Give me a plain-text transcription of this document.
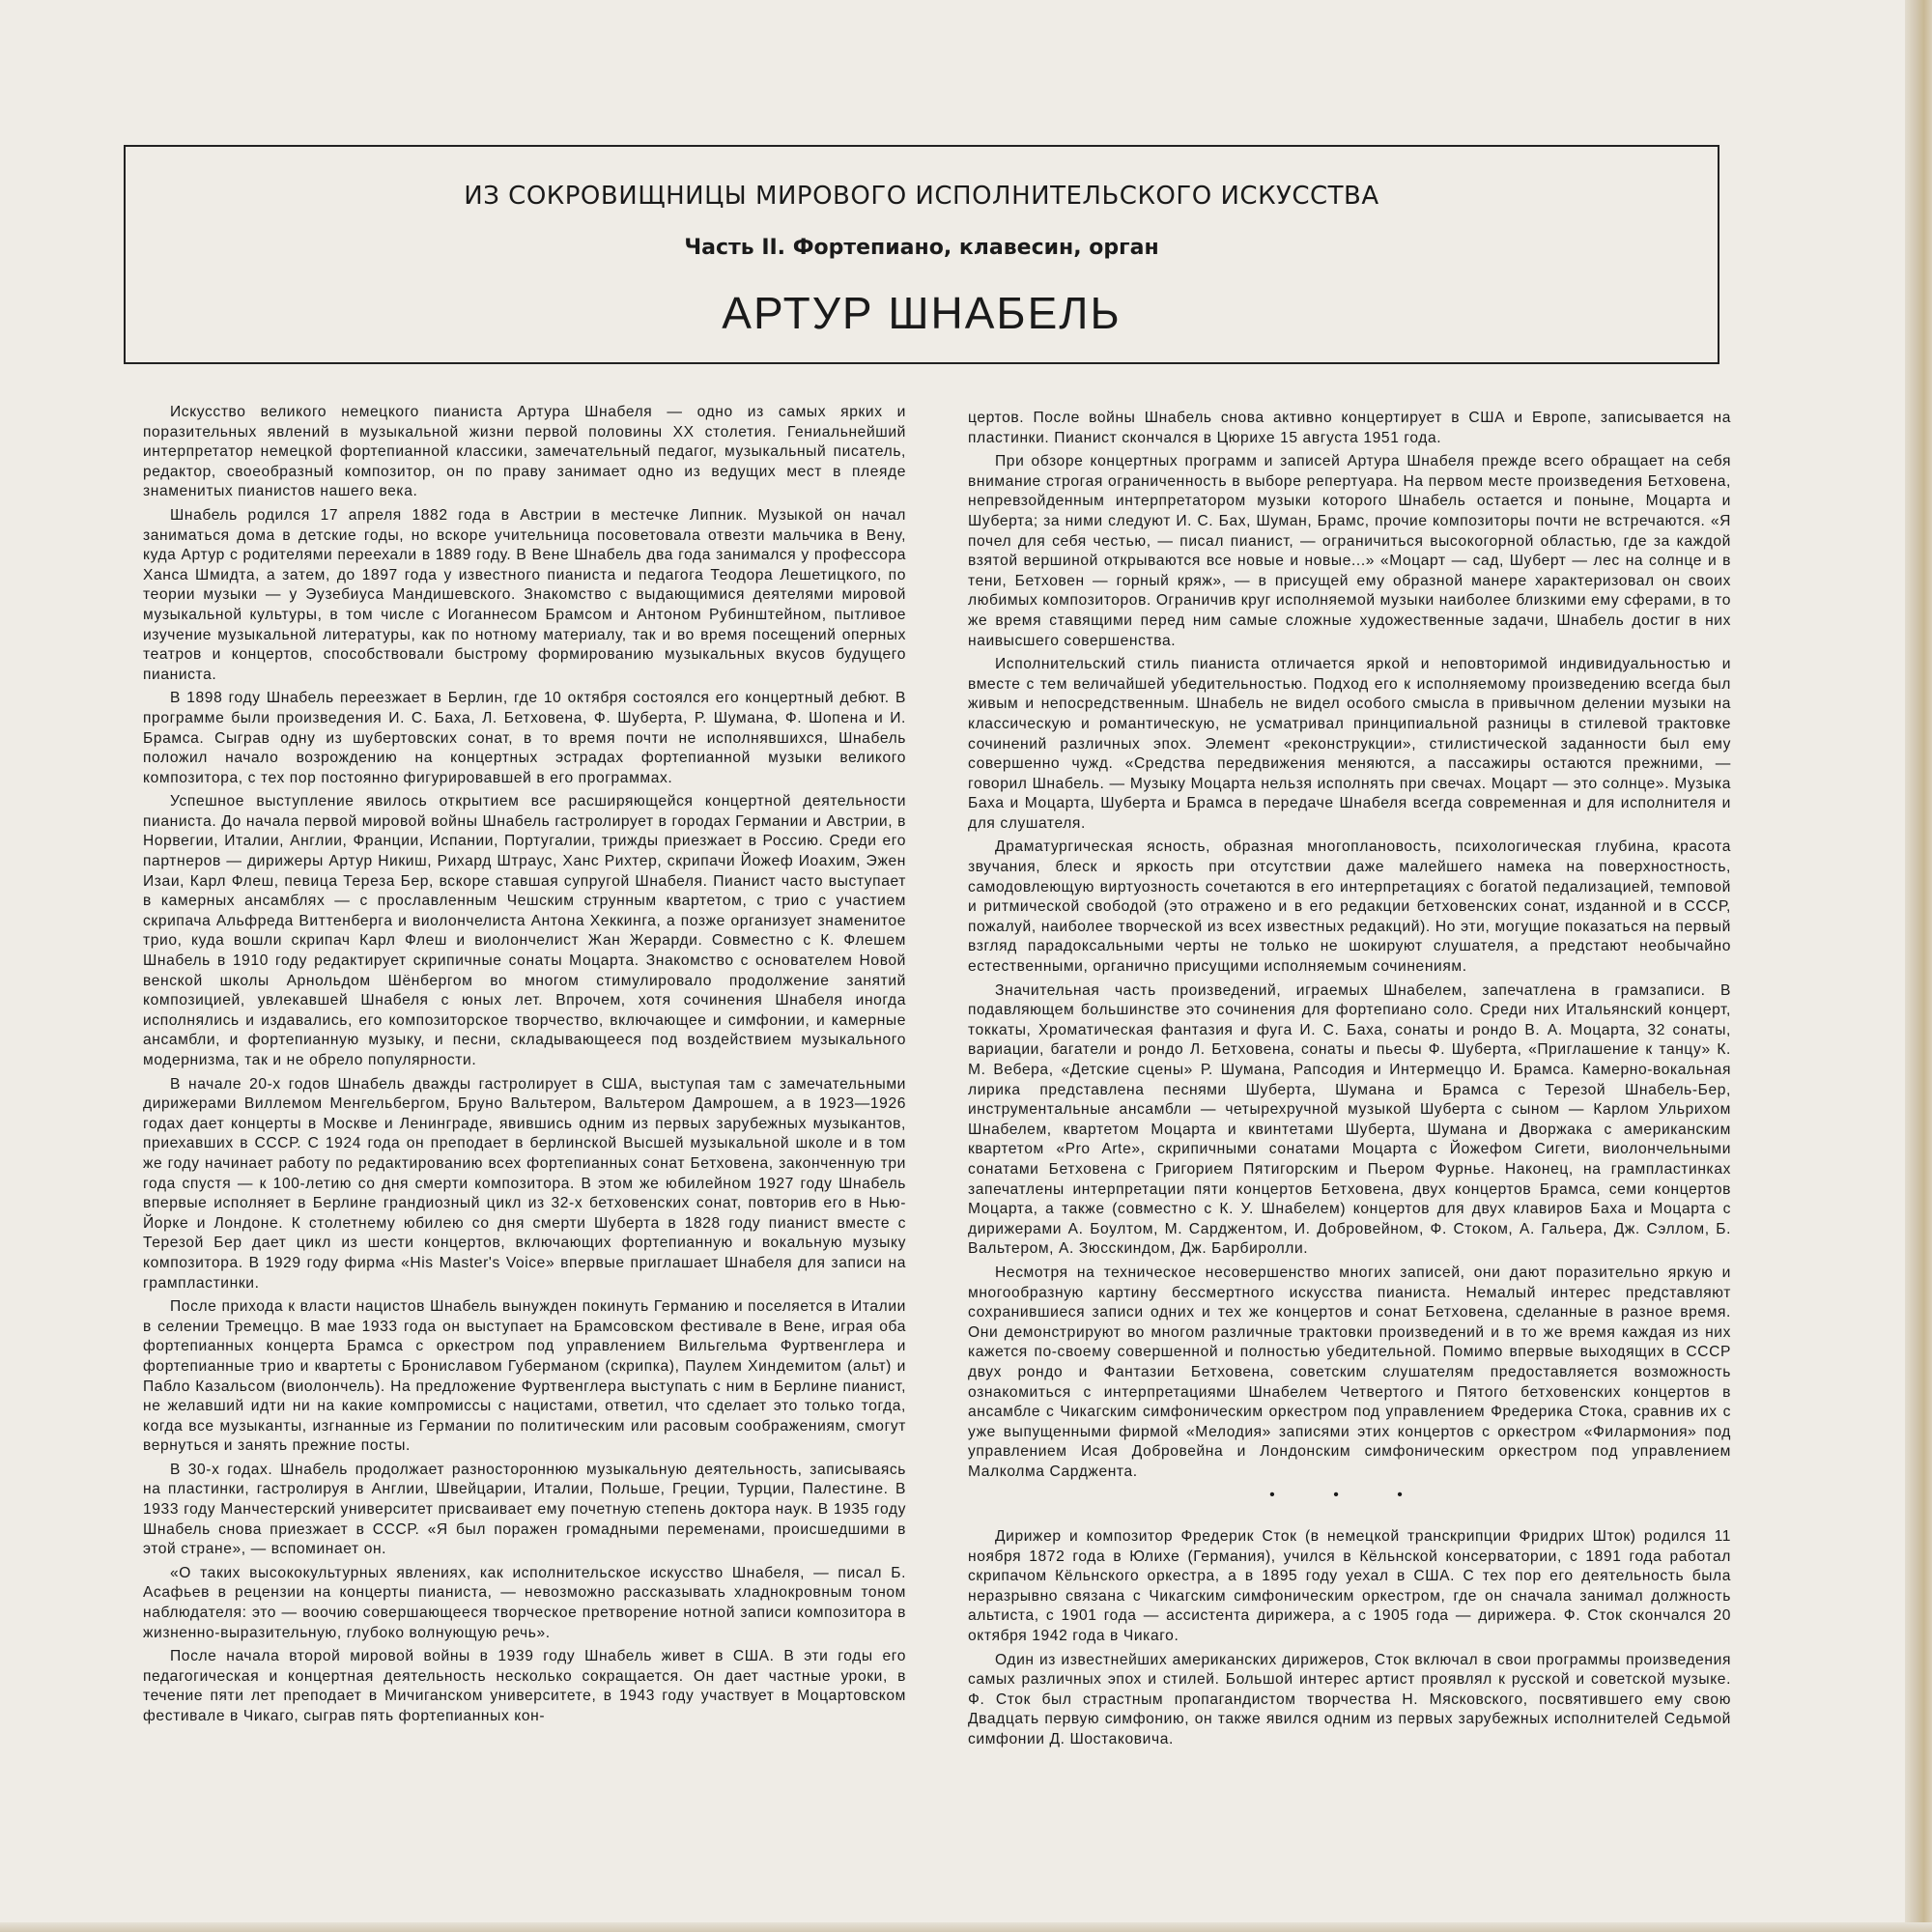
ИЗ СОКРОВИЩНИЦЫ МИРОВОГО ИСПОЛНИТЕЛЬСКОГО ИСКУССТВА
Часть II. Фортепиано, клавесин, орган
АРТУР ШНАБЕЛЬ

Искусство великого немецкого пианиста Артура Шнабеля — одно из самых ярких и поразительных явлений в музыкальной жизни первой половины XX столетия. Гениальнейший интерпретатор немецкой фортепианной классики, замечательный педагог, музыкальный писатель, редактор, своеобразный композитор, он по праву занимает одно из ведущих мест в плеяде знаменитых пианистов нашего века.

Шнабель родился 17 апреля 1882 года в Австрии в местечке Липник. Музыкой он начал заниматься дома в детские годы, но вскоре учительница посоветовала отвезти мальчика в Вену, куда Артур с родителями переехали в 1889 году. В Вене Шнабель два года занимался у профессора Ханса Шмидта, а затем, до 1897 года у известного пианиста и педагога Теодора Лешетицкого, по теории музыки — у Эузебиуса Мандишевского. Знакомство с выдающимися деятелями мировой музыкальной культуры, в том числе с Иоганнесом Брамсом и Антоном Рубинштейном, пытливое изучение музыкальной литературы, как по нотному материалу, так и во время посещений оперных театров и концертов, способствовали быстрому формированию музыкальных вкусов будущего пианиста.

В 1898 году Шнабель переезжает в Берлин, где 10 октября состоялся его концертный дебют. В программе были произведения И. С. Баха, Л. Бетховена, Ф. Шуберта, Р. Шумана, Ф. Шопена и И. Брамса. Сыграв одну из шубертовских сонат, в то время почти не исполнявшихся, Шнабель положил начало возрождению на концертных эстрадах фортепианной музыки великого композитора, с тех пор постоянно фигурировавшей в его программах.

Успешное выступление явилось открытием все расширяющейся концертной деятельности пианиста. До начала первой мировой войны Шнабель гастролирует в городах Германии и Австрии, в Норвегии, Италии, Англии, Франции, Испании, Португалии, трижды приезжает в Россию. Среди его партнеров — дирижеры Артур Никиш, Рихард Штраус, Ханс Рихтер, скрипачи Йожеф Иоахим, Эжен Изаи, Карл Флеш, певица Тереза Бер, вскоре ставшая супругой Шнабеля. Пианист часто выступает в камерных ансамблях — с прославленным Чешским струнным квартетом, с трио с участием скрипача Альфреда Виттенберга и виолончелиста Антона Хеккинга, а позже организует знаменитое трио, куда вошли скрипач Карл Флеш и виолончелист Жан Жерарди. Совместно с К. Флешем Шнабель в 1910 году редактирует скрипичные сонаты Моцарта. Знакомство с основателем Новой венской школы Арнольдом Шёнбергом во многом стимулировало продолжение занятий композицией, увлекавшей Шнабеля с юных лет. Впрочем, хотя сочинения Шнабеля иногда исполнялись и издавались, его композиторское творчество, включающее и симфонии, и камерные ансамбли, и фортепианную музыку, и песни, складывающееся под воздействием музыкального модернизма, так и не обрело популярности.

В начале 20-х годов Шнабель дважды гастролирует в США, выступая там с замечательными дирижерами Виллемом Менгельбергом, Бруно Вальтером, Вальтером Дамрошем, а в 1923—1926 годах дает концерты в Москве и Ленинграде, явившись одним из первых зарубежных музыкантов, приехавших в СССР. С 1924 года он преподает в берлинской Высшей музыкальной школе и в том же году начинает работу по редактированию всех фортепианных сонат Бетховена, законченную три года спустя — к 100-летию со дня смерти композитора. В этом же юбилейном 1927 году Шнабель впервые исполняет в Берлине грандиозный цикл из 32-х бетховенских сонат, повторив его в Нью-Йорке и Лондоне. К столетнему юбилею со дня смерти Шуберта в 1828 году пианист вместе с Терезой Бер дает цикл из шести концертов, включающих фортепианную и вокальную музыку композитора. В 1929 году фирма «His Master's Voice» впервые приглашает Шнабеля для записи на грампластинки.

После прихода к власти нацистов Шнабель вынужден покинуть Германию и поселяется в Италии в селении Тремеццо. В мае 1933 года он выступает на Брамсовском фестивале в Вене, играя оба фортепианных концерта Брамса с оркестром под управлением Вильгельма Фуртвенглера и фортепианные трио и квартеты с Брониславом Губерманом (скрипка), Паулем Хиндемитом (альт) и Пабло Казальсом (виолончель). На предложение Фуртвенглера выступать с ним в Берлине пианист, не желавший идти ни на какие компромиссы с нацистами, ответил, что сделает это только тогда, когда все музыканты, изгнанные из Германии по политическим или расовым соображениям, смогут вернуться и занять прежние посты.

В 30-х годах. Шнабель продолжает разностороннюю музыкальную деятельность, записываясь на пластинки, гастролируя в Англии, Швейцарии, Италии, Польше, Греции, Турции, Палестине. В 1933 году Манчестерский университет присваивает ему почетную степень доктора наук. В 1935 году Шнабель снова приезжает в СССР. «Я был поражен громадными переменами, происшедшими в этой стране», — вспоминает он.

«О таких высококультурных явлениях, как исполнительское искусство Шнабеля, — писал Б. Асафьев в рецензии на концерты пианиста, — невозможно рассказывать хладнокровным тоном наблюдателя: это — воочию совершающееся творческое претворение нотной записи композитора в жизненно-выразительную, глубоко волнующую речь».

После начала второй мировой войны в 1939 году Шнабель живет в США. В эти годы его педагогическая и концертная деятельность несколько сокращается. Он дает частные уроки, в течение пяти лет преподает в Мичиганском университете, в 1943 году участвует в Моцартовском фестивале в Чикаго, сыграв пять фортепианных кон-

цертов. После войны Шнабель снова активно концертирует в США и Европе, записывается на пластинки. Пианист скончался в Цюрихе 15 августа 1951 года.

При обзоре концертных программ и записей Артура Шнабеля прежде всего обращает на себя внимание строгая ограниченность в выборе репертуара. На первом месте произведения Бетховена, непревзойденным интерпретатором музыки которого Шнабель остается и поныне, Моцарта и Шуберта; за ними следуют И. С. Бах, Шуман, Брамс, прочие композиторы почти не встречаются. «Я почел для себя честью, — писал пианист, — ограничиться высокогорной областью, где за каждой взятой вершиной открываются все новые и новые...» «Моцарт — сад, Шуберт — лес на солнце и в тени, Бетховен — горный кряж», — в присущей ему образной манере характеризовал он своих любимых композиторов. Ограничив круг исполняемой музыки наиболее близкими ему сферами, в то же время ставящими перед ним самые сложные художественные задачи, Шнабель достиг в них наивысшего совершенства.

Исполнительский стиль пианиста отличается яркой и неповторимой индивидуальностью и вместе с тем величайшей убедительностью. Подход его к исполняемому произведению всегда был живым и непосредственным. Шнабель не видел особого смысла в привычном делении музыки на классическую и романтическую, не усматривал принципиальной разницы в стилевой трактовке сочинений различных эпох. Элемент «реконструкции», стилистической заданности был ему совершенно чужд. «Средства передвижения меняются, а пассажиры остаются прежними, — говорил Шнабель. — Музыку Моцарта нельзя исполнять при свечах. Моцарт — это солнце». Музыка Баха и Моцарта, Шуберта и Брамса в передаче Шнабеля всегда современная и для исполнителя и для слушателя.

Драматургическая ясность, образная многоплановость, психологическая глубина, красота звучания, блеск и яркость при отсутствии даже малейшего намека на поверхностность, самодовлеющую виртуозность сочетаются в его интерпретациях с богатой педализацией, темповой и ритмической свободой (это отражено и в его редакции бетховенских сонат, изданной и в СССР, пожалуй, наиболее творческой из всех известных редакций). Но эти, могущие показаться на первый взгляд парадоксальными черты не только не шокируют слушателя, а предстают необычайно естественными, органично присущими исполняемым сочинениям.

Значительная часть произведений, играемых Шнабелем, запечатлена в грамзаписи. В подавляющем большинстве это сочинения для фортепиано соло. Среди них Итальянский концерт, токкаты, Хроматическая фантазия и фуга И. С. Баха, сонаты и рондо В. А. Моцарта, 32 сонаты, вариации, багатели и рондо Л. Бетховена, сонаты и пьесы Ф. Шуберта, «Приглашение к танцу» К. М. Вебера, «Детские сцены» Р. Шумана, Рапсодия и Интермеццо И. Брамса. Камерно-вокальная лирика представлена песнями Шуберта, Шумана и Брамса с Терезой Шнабель-Бер, инструментальные ансамбли — четырехручной музыкой Шуберта с сыном — Карлом Ульрихом Шнабелем, квартетом Моцарта и квинтетами Шуберта, Шумана и Дворжака с американским квартетом «Pro Arte», скрипичными сонатами Моцарта с Йожефом Сигети, виолончельными сонатами Бетховена с Григорием Пятигорским и Пьером Фурнье. Наконец, на грампластинках запечатлены интерпретации пяти концертов Бетховена, двух концертов Брамса, семи концертов Моцарта, а также (совместно с К. У. Шнабелем) концертов для двух клавиров Баха и Моцарта с дирижерами А. Боултом, М. Сарджентом, И. Добровейном, Ф. Стоком, А. Гальера, Дж. Сэллом, Б. Вальтером, А. Зюсскиндом, Дж. Барбиролли.

Несмотря на техническое несовершенство многих записей, они дают поразительно яркую и многообразную картину бессмертного искусства пианиста. Немалый интерес представляют сохранившиеся записи одних и тех же концертов и сонат Бетховена, сделанные в разное время. Они демонстрируют во многом различные трактовки произведений и в то же время каждая из них кажется по-своему совершенной и полностью убедительной. Помимо впервые выходящих в СССР двух рондо и Фантазии Бетховена, советским слушателям предоставляется возможность ознакомиться с интерпретациями Шнабелем Четвертого и Пятого бетховенских концертов в ансамбле с Чикагским симфоническим оркестром под управлением Фредерика Стока, сравнив их с уже выпущенными фирмой «Мелодия» записями этих концертов с оркестром «Филармония» под управлением Исая Добровейна и Лондонским симфоническим оркестром под управлением Малколма Сарджента.

• • •

Дирижер и композитор Фредерик Сток (в немецкой транскрипции Фридрих Шток) родился 11 ноября 1872 года в Юлихе (Германия), учился в Кёльнской консерватории, с 1891 года работал скрипачом Кёльнского оркестра, а в 1895 году уехал в США. С тех пор его деятельность была неразрывно связана с Чикагским симфоническим оркестром, где он сначала занимал должность альтиста, с 1901 года — ассистента дирижера, а с 1905 года — дирижера. Ф. Сток скончался 20 октября 1942 года в Чикаго.

Один из известнейших американских дирижеров, Сток включал в свои программы произведения самых различных эпох и стилей. Большой интерес артист проявлял к русской и советской музыке. Ф. Сток был страстным пропагандистом творчества Н. Мясковского, посвятившего ему свою Двадцать первую симфонию, он также явился одним из первых зарубежных исполнителей Седьмой симфонии Д. Шостаковича.
